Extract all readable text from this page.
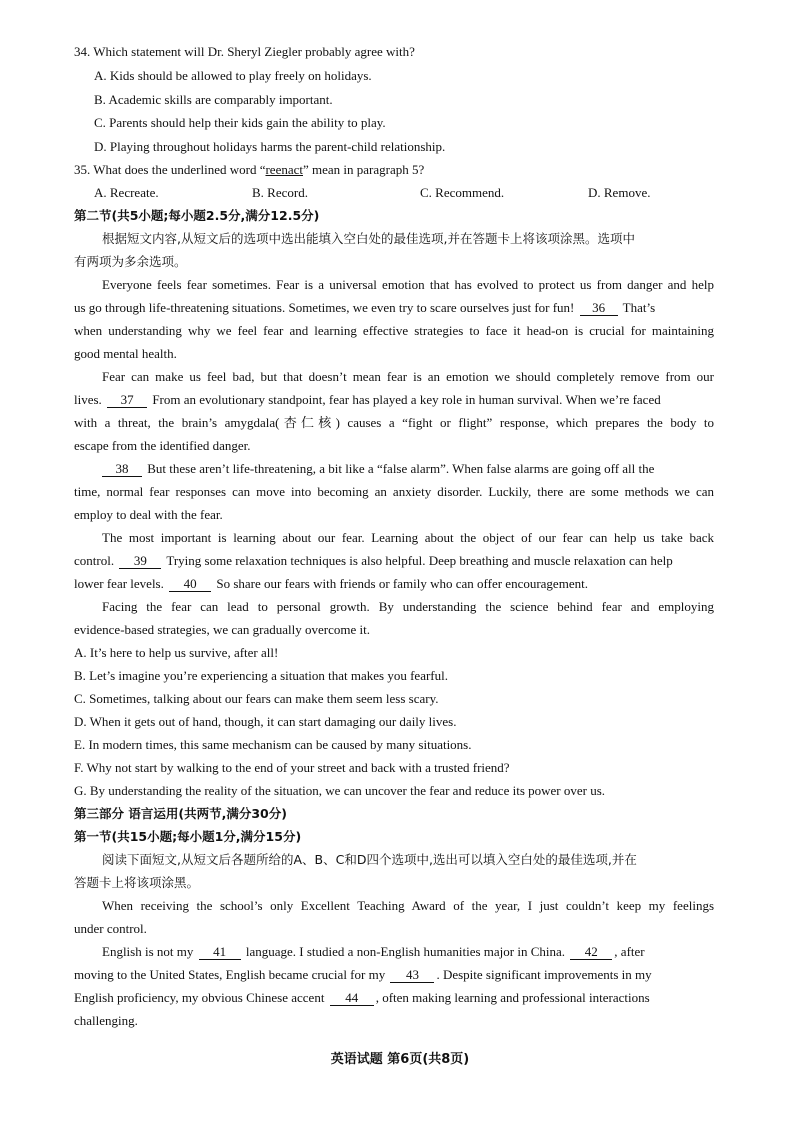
34. Which statement will Dr. Sheryl Ziegler probably agree with?
A. Kids should be allowed to play freely on holidays.
B. Academic skills are comparably important.
C. Parents should help their kids gain the ability to play.
D. Playing throughout holidays harms the parent-child relationship.
35. What does the underlined word “reenact” mean in paragraph 5?
A. Recreate.	B. Record.	C. Recommend.	D. Remove.
第二节(共5小题;每小题2.5分,满分12.5分)
根据短文内容,从短文后的选项中选出能填入空白处的最佳选项,并在答题卡上将该项涂黑。选项中
有两项为多余选项。
Everyone feels fear sometimes. Fear is a universal emotion that has evolved to protect us from danger and help
us go through life-threatening situations. Sometimes, we even try to scare ourselves just for fun! 36 That’s
when understanding why we feel fear and learning effective strategies to face it head-on is crucial for maintaining
good mental health.
Fear can make us feel bad, but that doesn’t mean fear is an emotion we should completely remove from our
lives. 37 From an evolutionary standpoint, fear has played a key role in human survival. When we’re faced
with a threat, the brain’s amygdala(杏仁核) causes a “fight or flight” response, which prepares the body to
escape from the identified danger.
38 But these aren’t life-threatening, a bit like a “false alarm”. When false alarms are going off all the
time, normal fear responses can move into becoming an anxiety disorder. Luckily, there are some methods we can
employ to deal with the fear.
The most important is learning about our fear. Learning about the object of our fear can help us take back
control. 39 Trying some relaxation techniques is also helpful. Deep breathing and muscle relaxation can help
lower fear levels. 40 So share our fears with friends or family who can offer encouragement.
Facing the fear can lead to personal growth. By understanding the science behind fear and employing
evidence-based strategies, we can gradually overcome it.
A. It’s here to help us survive, after all!
B. Let’s imagine you’re experiencing a situation that makes you fearful.
C. Sometimes, talking about our fears can make them seem less scary.
D. When it gets out of hand, though, it can start damaging our daily lives.
E. In modern times, this same mechanism can be caused by many situations.
F. Why not start by walking to the end of your street and back with a trusted friend?
G. By understanding the reality of the situation, we can uncover the fear and reduce its power over us.
第三部分 语言运用(共两节,满分30分)
第一节(共15小题;每小题1分,满分15分)
阅读下面短文,从短文后各题所给的A、B、C和D四个选项中,选出可以填入空白处的最佳选项,并在
答题卡上将该项涂黑。
When receiving the school’s only Excellent Teaching Award of the year, I just couldn’t keep my feelings
under control.
English is not my 41 language. I studied a non-English humanities major in China. 42 , after
moving to the United States, English became crucial for my 43 . Despite significant improvements in my
English proficiency, my obvious Chinese accent 44 , often making learning and professional interactions
challenging.
英语试题 第6页(共8页)
